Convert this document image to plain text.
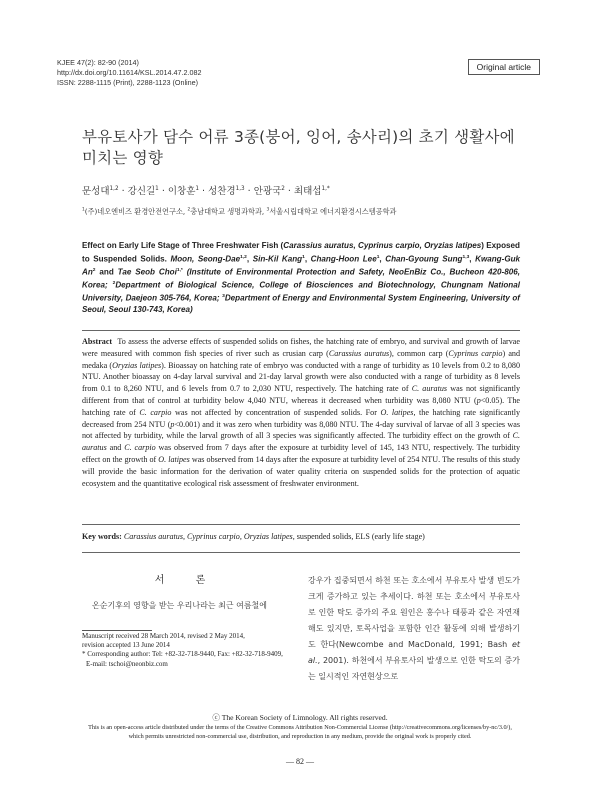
KJEE 47(2): 82-90 (2014)
http://dx.doi.org/10.11614/KSL.2014.47.2.082
ISSN: 2288-1115 (Print), 2288-1123 (Online)
Original article
부유토사가 담수 어류 3종(붕어, 잉어, 송사리)의 초기 생활사에
미치는 영향
문성대$^{1,2}$ · 강신길$^1$ · 이창훈$^1$ · 성찬경$^{1,3}$ · 안광국$^2$ · 최태섭$^{1,*}$
$^1$(주)네오엔비즈 환경안전연구소, $^2$충남대학교 생명과학과, $^3$서울시립대학교 에너지환경시스템공학과
Effect on Early Life Stage of Three Freshwater Fish (Carassius auratus, Cyprinus carpio, Oryzias latipes) Exposed to Suspended Solids. Moon, Seong-Dae$^{1,2}$, Sin-Kil Kang$^1$, Chang-Hoon Lee$^1$, Chan-Gyoung Sung$^{1,3}$, Kwang-Guk An$^2$ and Tae Seob Choi$^{1,*}$ (Institute of Environmental Protection and Safety, NeoEnBiz Co., Bucheon 420-806, Korea; $^2$Department of Biological Science, College of Biosciences and Biotechnology, Chungnam National University, Daejeon 305-764, Korea; $^3$Department of Energy and Environmental System Engineering, University of Seoul, Seoul 130-743, Korea)
Abstract To assess the adverse effects of suspended solids on fishes, the hatching rate of embryo, and survival and growth of larvae were measured with common fish species of river such as crusian carp (Carassius auratus), common carp (Cyprinus carpio) and medaka (Oryzias latipes). Bioassay on hatching rate of embryo was conducted with a range of turbidity as 10 levels from 0.2 to 8,080 NTU. Another bioassay on 4-day larval survival and 21-day larval growth were also conducted with a range of turbidity as 8 levels from 0.1 to 8,260 NTU, and 6 levels from 0.7 to 2,030 NTU, respectively. The hatching rate of C. auratus was not significantly different from that of control at turbidity below 4,040 NTU, whereas it decreased when turbidity was 8,080 NTU (p<0.05). The hatching rate of C. carpio was not affected by concentration of suspended solids. For O. latipes, the hatching rate significantly decreased from 254 NTU (p<0.001) and it was zero when turbidity was 8,080 NTU. The 4-day survival of larvae of all 3 species was not affected by turbidity, while the larval growth of all 3 species was significantly affected. The turbidity effect on the growth of C. auratus and C. carpio was observed from 7 days after the exposure at turbidity level of 145, 143 NTU, respectively. The turbidity effect on the growth of O. latipes was observed from 14 days after the exposure at turbidity level of 254 NTU. The results of this study will provide the basic information for the derivation of water quality criteria on suspended solids for the protection of aquatic ecosystem and the quantitative ecological risk assessment of freshwater environment.
Key words: Carassius auratus, Cyprinus carpio, Oryzias latipes, suspended solids, ELS (early life stage)
서 론
온순기후의 영향을 받는 우리나라는 최근 여름철에
Manuscript received 28 March 2014, revised 2 May 2014,
revision accepted 13 June 2014
* Corresponding author: Tel: +82-32-718-9440, Fax: +82-32-718-9409,
E-mail: tschoi@neonbiz.com
강우가 집중되면서 하천 또는 호소에서 부유토사 발생 빈도가 크게 증가하고 있는 추세이다. 하천 또는 호소에서 부유토사로 인한 탁도 증가의 주요 원인은 홍수나 태풍과 같은 자연재해도 있지만, 토목사업을 포함한 인간 활동에 의해 발생하기도 한다(Newcombe and MacDonald, 1991; Bash et al., 2001). 하천에서 부유토사의 발생으로 인한 탁도의 증가는 일시적인 자연현상으로
ⓒ The Korean Society of Limnology. All rights reserved.
This is an open-access article distributed under the terms of the Creative Commons Attribution Non-Commercial License (http://creativecommons.org/licenses/by-nc/3.0/),
which permits unrestricted non-commercial use, distribution, and reproduction in any medium, provide the original work is properly cited.
— 82 —
